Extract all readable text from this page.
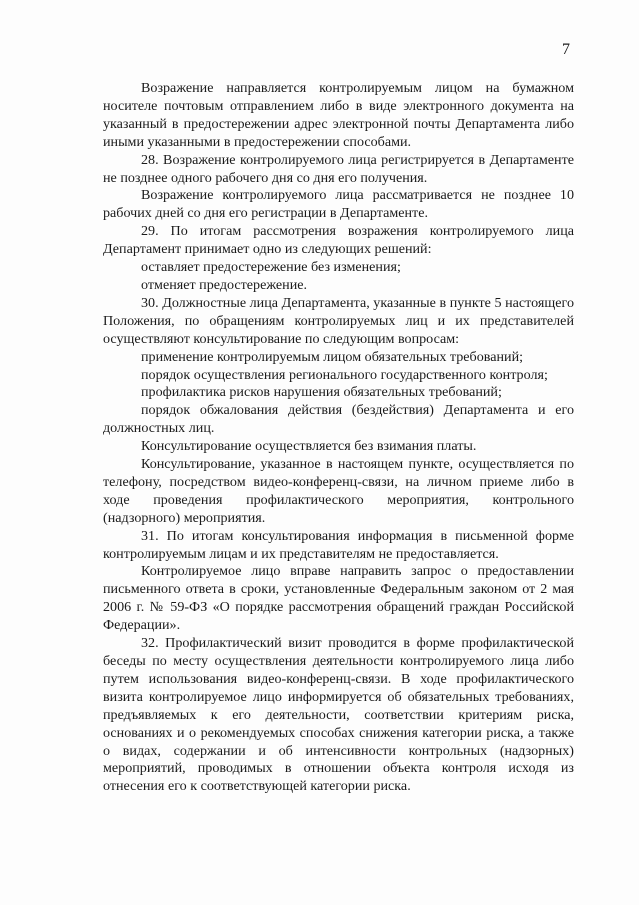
7

Возражение направляется контролируемым лицом на бумажном носителе почтовым отправлением либо в виде электронного документа на указанный в предостережении адрес электронной почты Департамента либо иными указанными в предостережении способами.

28. Возражение контролируемого лица регистрируется в Департаменте не позднее одного рабочего дня со дня его получения.

Возражение контролируемого лица рассматривается не позднее 10 рабочих дней со дня его регистрации в Департаменте.

29. По итогам рассмотрения возражения контролируемого лица Департамент принимает одно из следующих решений:

оставляет предостережение без изменения;

отменяет предостережение.

30. Должностные лица Департамента, указанные в пункте 5 настоящего Положения, по обращениям контролируемых лиц и их представителей осуществляют консультирование по следующим вопросам:

применение контролируемым лицом обязательных требований;

порядок осуществления регионального государственного контроля;

профилактика рисков нарушения обязательных требований;

порядок обжалования действия (бездействия) Департамента и его должностных лиц.

Консультирование осуществляется без взимания платы.

Консультирование, указанное в настоящем пункте, осуществляется по телефону, посредством видео-конференц-связи, на личном приеме либо в ходе проведения профилактического мероприятия, контрольного (надзорного) мероприятия.

31. По итогам консультирования информация в письменной форме контролируемым лицам и их представителям не предоставляется.

Контролируемое лицо вправе направить запрос о предоставлении письменного ответа в сроки, установленные Федеральным законом от 2 мая 2006 г. № 59-ФЗ «О порядке рассмотрения обращений граждан Российской Федерации».

32. Профилактический визит проводится в форме профилактической беседы по месту осуществления деятельности контролируемого лица либо путем использования видео-конференц-связи. В ходе профилактического визита контролируемое лицо информируется об обязательных требованиях, предъявляемых к его деятельности, соответствии критериям риска, основаниях и о рекомендуемых способах снижения категории риска, а также о видах, содержании и об интенсивности контрольных (надзорных) мероприятий, проводимых в отношении объекта контроля исходя из отнесения его к соответствующей категории риска.
